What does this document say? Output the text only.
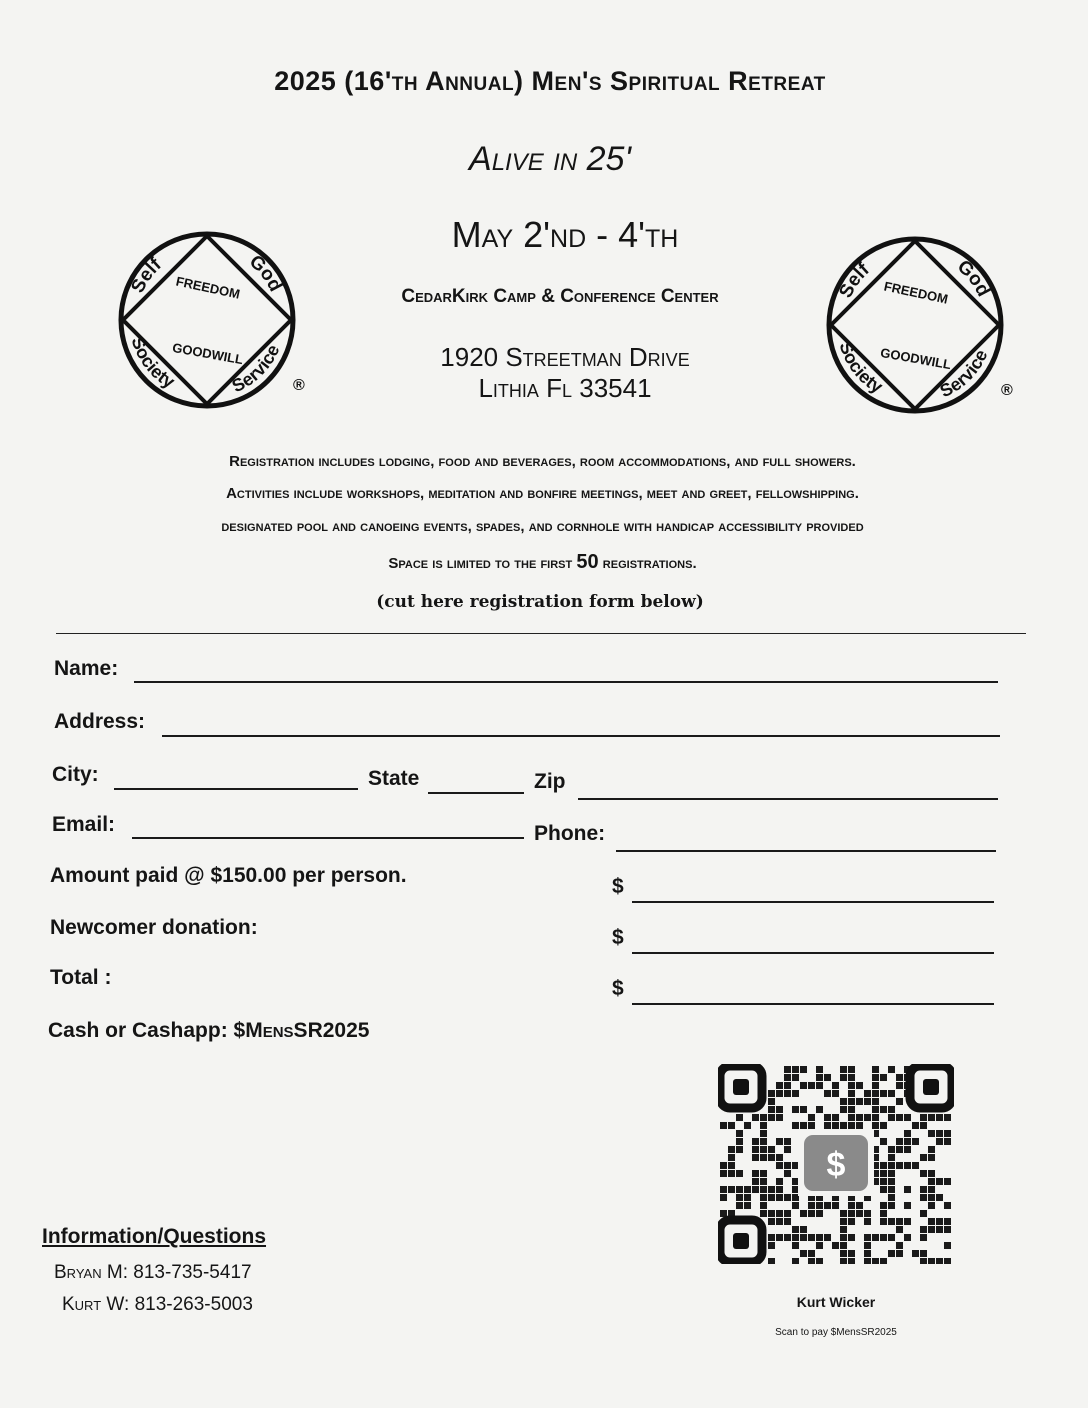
2025 (16'th Annual) Men's Spiritual Retreat
Alive in 25'
May 2'nd - 4'th
CedarKirk Camp & Conference Center
1920 Streetman Drive
Lithia Fl 33541
Self	God
Society	Service
FREEDOM
GOODWILL
®
Self	God
Society	Service
FREEDOM
GOODWILL
®
Registration includes lodging, food and beverages, room accommodations, and full showers.
Activities include workshops, meditation and bonfire meetings, meet and greet, fellowshipping.
designated pool and canoeing events, spades, and cornhole with handicap accessibility provided
Space is limited to the first 50 registrations.
(cut here registration form below)
Name:
Address:
City:	State	Zip
Email:	Phone:
Amount paid @ $150.00 per person.	$
Newcomer donation:	$
Total :	$
Cash or Cashapp: $MensSR2025
Information/Questions
Bryan M: 813-735-5417
Kurt W: 813-263-5003
$
Kurt Wicker
Scan to pay $MensSR2025
